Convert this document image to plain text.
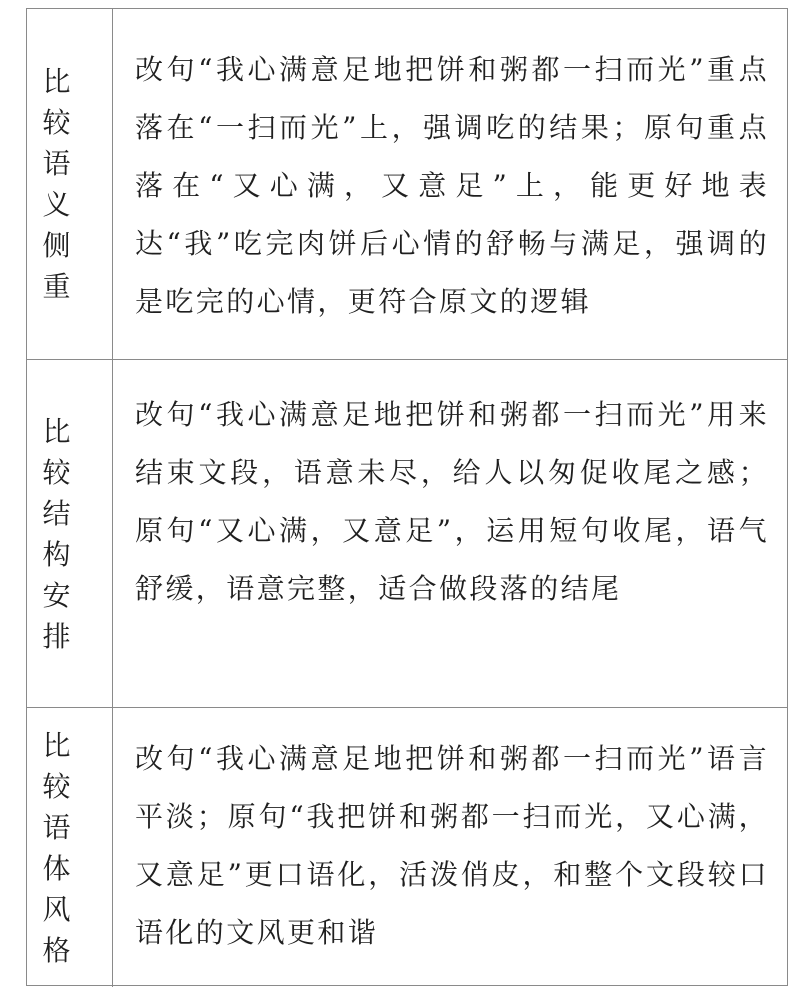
比较语义侧重
改句“我心满意足地把饼和粥都一扫而光”重点落在“一扫而光”上，强调吃的结果；原句重点落在“又心满，又意足”上，能更好地表达“我”吃完肉饼后心情的舒畅与满足，强调的是吃完的心情，更符合原文的逻辑
比较结构安排
改句“我心满意足地把饼和粥都一扫而光”用来结束文段，语意未尽，给人以匆促收尾之感；原句“又心满，又意足”，运用短句收尾，语气舒缓，语意完整，适合做段落的结尾
比较语体风格
改句“我心满意足地把饼和粥都一扫而光”语言平淡；原句“我把饼和粥都一扫而光，又心满，又意足”更口语化，活泼俏皮，和整个文段较口语化的文风更和谐
